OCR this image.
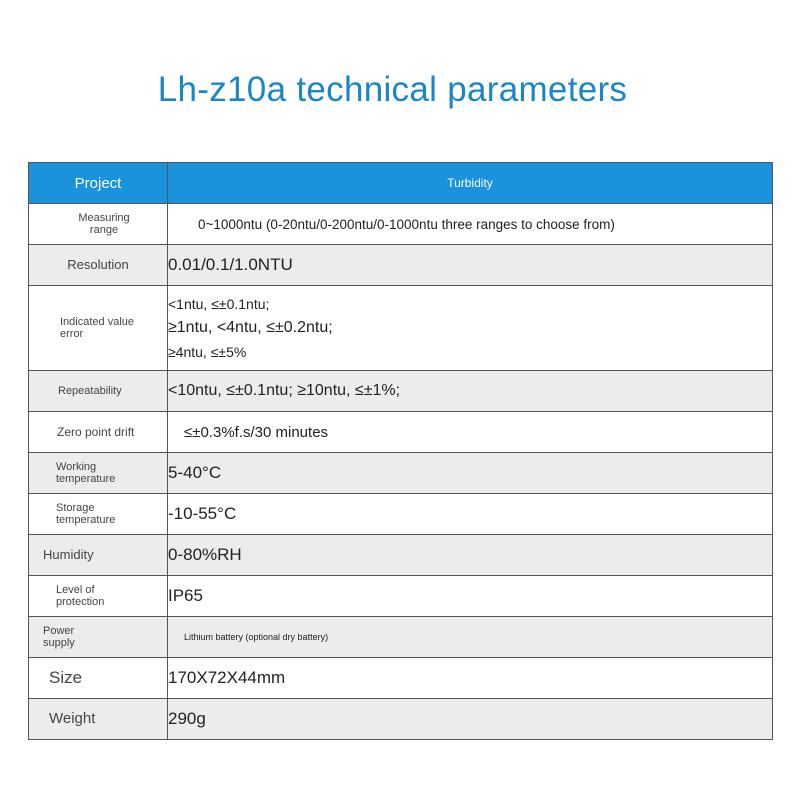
Lh-z10a technical parameters
Project	Turbidity

Measuring range	0~1000ntu (0-20ntu/0-200ntu/0-1000ntu three ranges to choose from)
Resolution	0.01/0.1/1.0NTU

Indicated value error	<1ntu, ≤±0.1ntu;
≥1ntu, <4ntu, ≤±0.2ntu;
≥4ntu, ≤±5%

Repeatability	<10ntu, ≤±0.1ntu; ≥10ntu, ≤±1%;
Zero point drift	≤±0.3%f.s/30 minutes

Working temperature	5-40°C

Storage temperature	-10-55°C
Humidity	0-80%RH

Level of protection	IP65

Power supply	Lithium battery (optional dry battery)
Size	170X72X44mm
Weight	290g
